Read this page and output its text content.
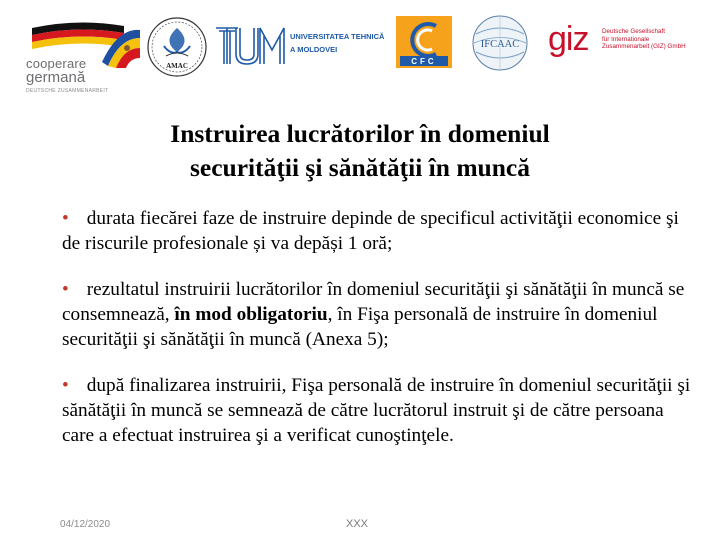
cooperare
germană
DEUTSCHE ZUSAMMENARBEIT
AMAC
UNIVERSITATEA TEHNICĂ
A MOLDOVEI
CFC
IFCAAC giz Deutsche Gesellschaft
für Internationale
Zusammenarbeit (GIZ) GmbH
Instruirea lucrătorilor în domeniul
securităţii şi sănătăţii în muncă
• durata fiecărei faze de instruire depinde de specificul activităţii economice şi de riscurile profesionale și va depăși 1 oră;
• rezultatul instruirii lucrătorilor în domeniul securităţii şi sănătăţii în muncă se consemnează, în mod obligatoriu, în Fişa personală de instruire în domeniul securităţii şi sănătăţii în muncă (Anexa 5);
• după finalizarea instruirii, Fişa personală de instruire în domeniul securităţii şi sănătăţii în muncă se semnează de către lucrătorul instruit şi de către persoana care a efectuat instruirea şi a verificat cunoştinţele.
04/12/2020	XXX
